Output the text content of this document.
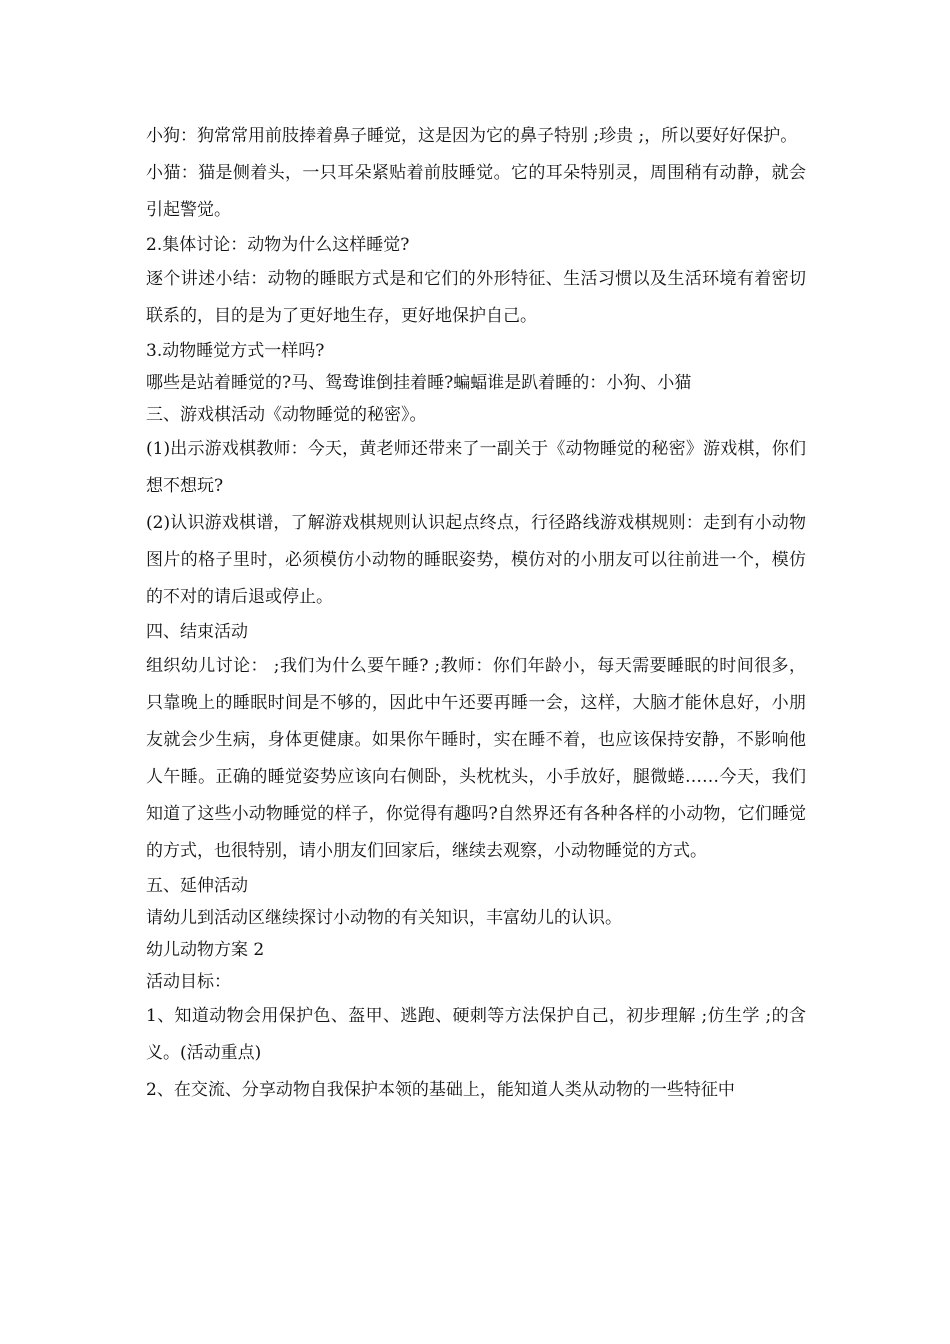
小狗：狗常常用前肢捧着鼻子睡觉，这是因为它的鼻子特别 ;珍贵 ;，所以要好好保护。

小猫：猫是侧着头，一只耳朵紧贴着前肢睡觉。它的耳朵特别灵，周围稍有动静，就会引起警觉。

2.集体讨论：动物为什么这样睡觉?

逐个讲述小结：动物的睡眠方式是和它们的外形特征、生活习惯以及生活环境有着密切联系的，目的是为了更好地生存，更好地保护自己。

3.动物睡觉方式一样吗?

哪些是站着睡觉的?马、鸳鸯谁倒挂着睡?蝙蝠谁是趴着睡的：小狗、小猫

三、游戏棋活动《动物睡觉的秘密》。

(1)出示游戏棋教师：今天，黄老师还带来了一副关于《动物睡觉的秘密》游戏棋，你们想不想玩?

(2)认识游戏棋谱，了解游戏棋规则认识起点终点，行径路线游戏棋规则：走到有小动物图片的格子里时，必须模仿小动物的睡眠姿势，模仿对的小朋友可以往前进一个，模仿的不对的请后退或停止。

四、结束活动

组织幼儿讨论： ;我们为什么要午睡? ;教师：你们年龄小，每天需要睡眠的时间很多，只靠晚上的睡眠时间是不够的，因此中午还要再睡一会，这样，大脑才能休息好，小朋友就会少生病，身体更健康。如果你午睡时，实在睡不着，也应该保持安静，不影响他人午睡。正确的睡觉姿势应该向右侧卧，头枕枕头，小手放好，腿微蜷……今天，我们知道了这些小动物睡觉的样子，你觉得有趣吗?自然界还有各种各样的小动物，它们睡觉的方式，也很特别，请小朋友们回家后，继续去观察，小动物睡觉的方式。

五、延伸活动

请幼儿到活动区继续探讨小动物的有关知识，丰富幼儿的认识。

幼儿动物方案 2

活动目标：

1、知道动物会用保护色、盔甲、逃跑、硬刺等方法保护自己，初步理解 ;仿生学 ;的含义。(活动重点)

2、在交流、分享动物自我保护本领的基础上，能知道人类从动物的一些特征中
